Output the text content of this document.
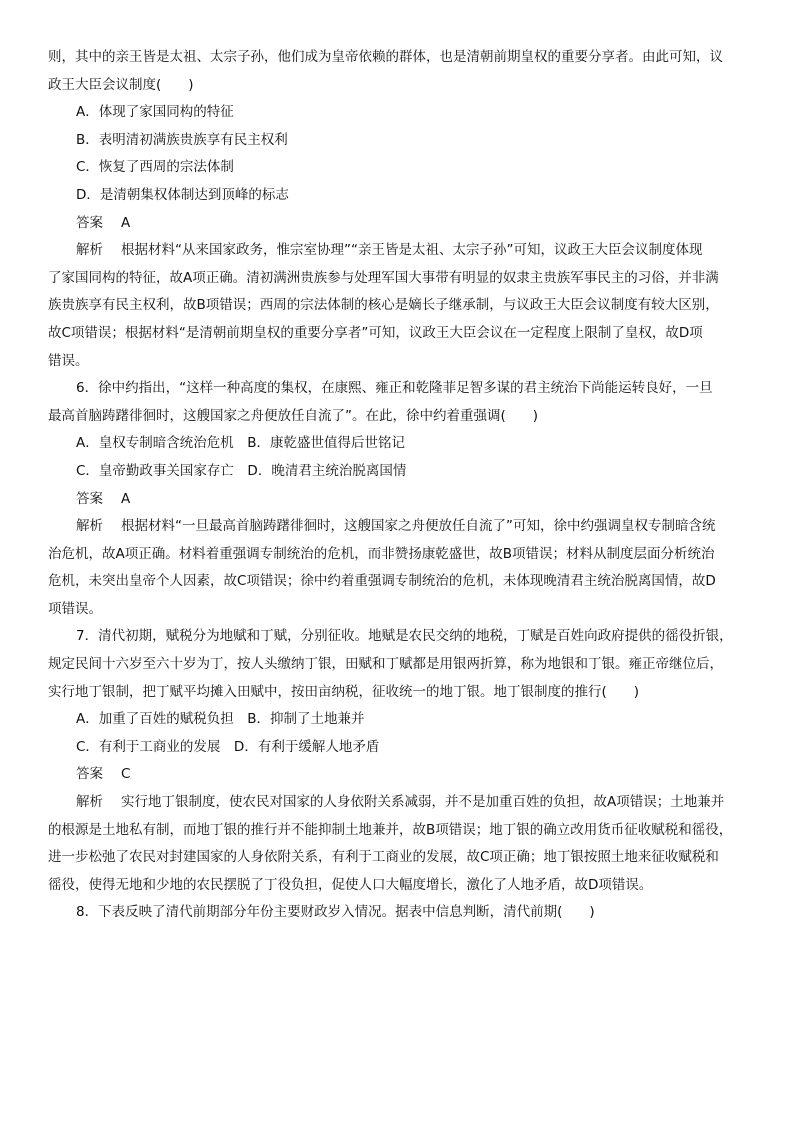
则，其中的亲王皆是太祖、太宗子孙，他们成为皇帝依赖的群体，也是清朝前期皇权的重要分享者。由此可知，议
政王大臣会议制度(　　)
A．体现了家国同构的特征
B．表明清初满族贵族享有民主权利
C．恢复了西周的宗法体制
D．是清朝集权体制达到顶峰的标志
答案 A
解析 根据材料“从来国家政务，惟宗室协理”“亲王皆是太祖、太宗子孙”可知，议政王大臣会议制度体现
了家国同构的特征，故A项正确。清初满洲贵族参与处理军国大事带有明显的奴隶主贵族军事民主的习俗，并非满
族贵族享有民主权利，故B项错误；西周的宗法体制的核心是嫡长子继承制，与议政王大臣会议制度有较大区别，
故C项错误；根据材料“是清朝前期皇权的重要分享者”可知，议政王大臣会议在一定程度上限制了皇权，故D项
错误。
6．徐中约指出，“这样一种高度的集权，在康熙、雍正和乾隆菲足智多谋的君主统治下尚能运转良好，一旦
最高首脑踌躇徘徊时，这艘国家之舟便放任自流了”。在此，徐中约着重强调(　　)
A．皇权专制暗含统治危机　B．康乾盛世值得后世铭记
C．皇帝勤政事关国家存亡　D．晚清君主统治脱离国情
答案 A
解析 根据材料“一旦最高首脑踌躇徘徊时，这艘国家之舟便放任自流了”可知，徐中约强调皇权专制暗含统
治危机，故A项正确。材料着重强调专制统治的危机，而非赞扬康乾盛世，故B项错误；材料从制度层面分析统治
危机，未突出皇帝个人因素，故C项错误；徐中约着重强调专制统治的危机，未体现晚清君主统治脱离国情，故D
项错误。
7．清代初期，赋税分为地赋和丁赋，分别征收。地赋是农民交纳的地税，丁赋是百姓向政府提供的徭役折银，
规定民间十六岁至六十岁为丁，按人头缴纳丁银，田赋和丁赋都是用银两折算，称为地银和丁银。雍正帝继位后，
实行地丁银制，把丁赋平均摊入田赋中，按田亩纳税，征收统一的地丁银。地丁银制度的推行(　　)
A．加重了百姓的赋税负担　B．抑制了土地兼并
C．有利于工商业的发展　D．有利于缓解人地矛盾
答案 C
解析 实行地丁银制度，使农民对国家的人身依附关系减弱，并不是加重百姓的负担，故A项错误；土地兼并
的根源是土地私有制，而地丁银的推行并不能抑制土地兼并，故B项错误；地丁银的确立改用货币征收赋税和徭役，
进一步松弛了农民对封建国家的人身依附关系，有利于工商业的发展，故C项正确；地丁银按照土地来征收赋税和
徭役，使得无地和少地的农民摆脱了丁役负担，促使人口大幅度增长，激化了人地矛盾，故D项错误。
8．下表反映了清代前期部分年份主要财政岁入情况。据表中信息判断，清代前期(　　)
